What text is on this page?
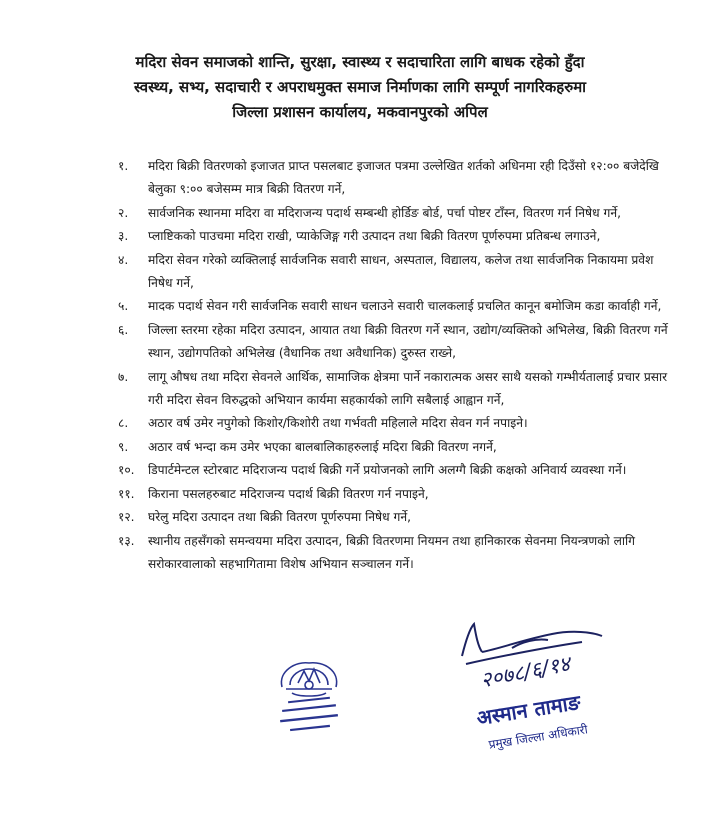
मदिरा सेवन समाजको शान्ति, सुरक्षा, स्वास्थ्य र सदाचारिता लागि बाधक रहेको हुँदा
स्वस्थ्य, सभ्य, सदाचारी र अपराधमुक्त समाज निर्माणका लागि सम्पूर्ण नागरिकहरुमा
जिल्ला प्रशासन कार्यालय, मकवानपुरको अपिल
१.	मदिरा बिक्री वितरणको इजाजत प्राप्त पसलबाट इजाजत पत्रमा उल्लेखित शर्तको अधिनमा रही दिउँसो १२:०० बजेदेखि बेलुका ९:०० बजेसम्म मात्र बिक्री वितरण गर्ने,
२.	सार्वजनिक स्थानमा मदिरा वा मदिराजन्य पदार्थ सम्बन्धी होर्डिङ बोर्ड, पर्चा पोष्टर टाँस्न, वितरण गर्न निषेध गर्ने,
३.	प्लाष्टिकको पाउचमा मदिरा राखी, प्याकेजिङ्ग गरी उत्पादन तथा बिक्री वितरण पूर्णरुपमा प्रतिबन्ध लगाउने,
४.	मदिरा सेवन गरेको व्यक्तिलाई सार्वजनिक सवारी साधन, अस्पताल, विद्यालय, कलेज तथा सार्वजनिक निकायमा प्रवेश निषेध गर्ने,
५.	मादक पदार्थ सेवन गरी सार्वजनिक सवारी साधन चलाउने सवारी चालकलाई प्रचलित कानून बमोजिम कडा कार्वाही गर्ने,
६.	जिल्ला स्तरमा रहेका मदिरा उत्पादन, आयात तथा बिक्री वितरण गर्ने स्थान, उद्योग/व्यक्तिको अभिलेख, बिक्री वितरण गर्ने स्थान, उद्योगपतिको अभिलेख (वैधानिक तथा अवैधानिक) दुरुस्त राख्ने,
७.	लागू औषध तथा मदिरा सेवनले आर्थिक, सामाजिक क्षेत्रमा पार्ने नकारात्मक असर साथै यसको गम्भीर्यतालाई प्रचार प्रसार गरी मदिरा सेवन विरुद्धको अभियान कार्यमा सहकार्यको लागि सबैलाई आह्वान गर्ने,
८.	अठार वर्ष उमेर नपुगेको किशोर/किशोरी तथा गर्भवती महिलाले मदिरा सेवन गर्न नपाइने।
९.	अठार वर्ष भन्दा कम उमेर भएका बालबालिकाहरुलाई मदिरा बिक्री वितरण नगर्ने,
१०.	डिपार्टमेन्टल स्टोरबाट मदिराजन्य पदार्थ बिक्री गर्ने प्रयोजनको लागि अलग्गै बिक्री कक्षको अनिवार्य व्यवस्था गर्ने।
११.	किराना पसलहरुबाट मदिराजन्य पदार्थ बिक्री वितरण गर्न नपाइने,
१२.	घरेलु मदिरा उत्पादन तथा बिक्री वितरण पूर्णरुपमा निषेध गर्ने,
१३.	स्थानीय तहसँगको समन्वयमा मदिरा उत्पादन, बिक्री वितरणमा नियमन तथा हानिकारक सेवनमा नियन्त्रणको लागि सरोकारवालाको सहभागितामा विशेष अभियान सञ्चालन गर्ने।
२०७८/६/१४
अस्मान तामाङ
प्रमुख जिल्ला अधिकारी
